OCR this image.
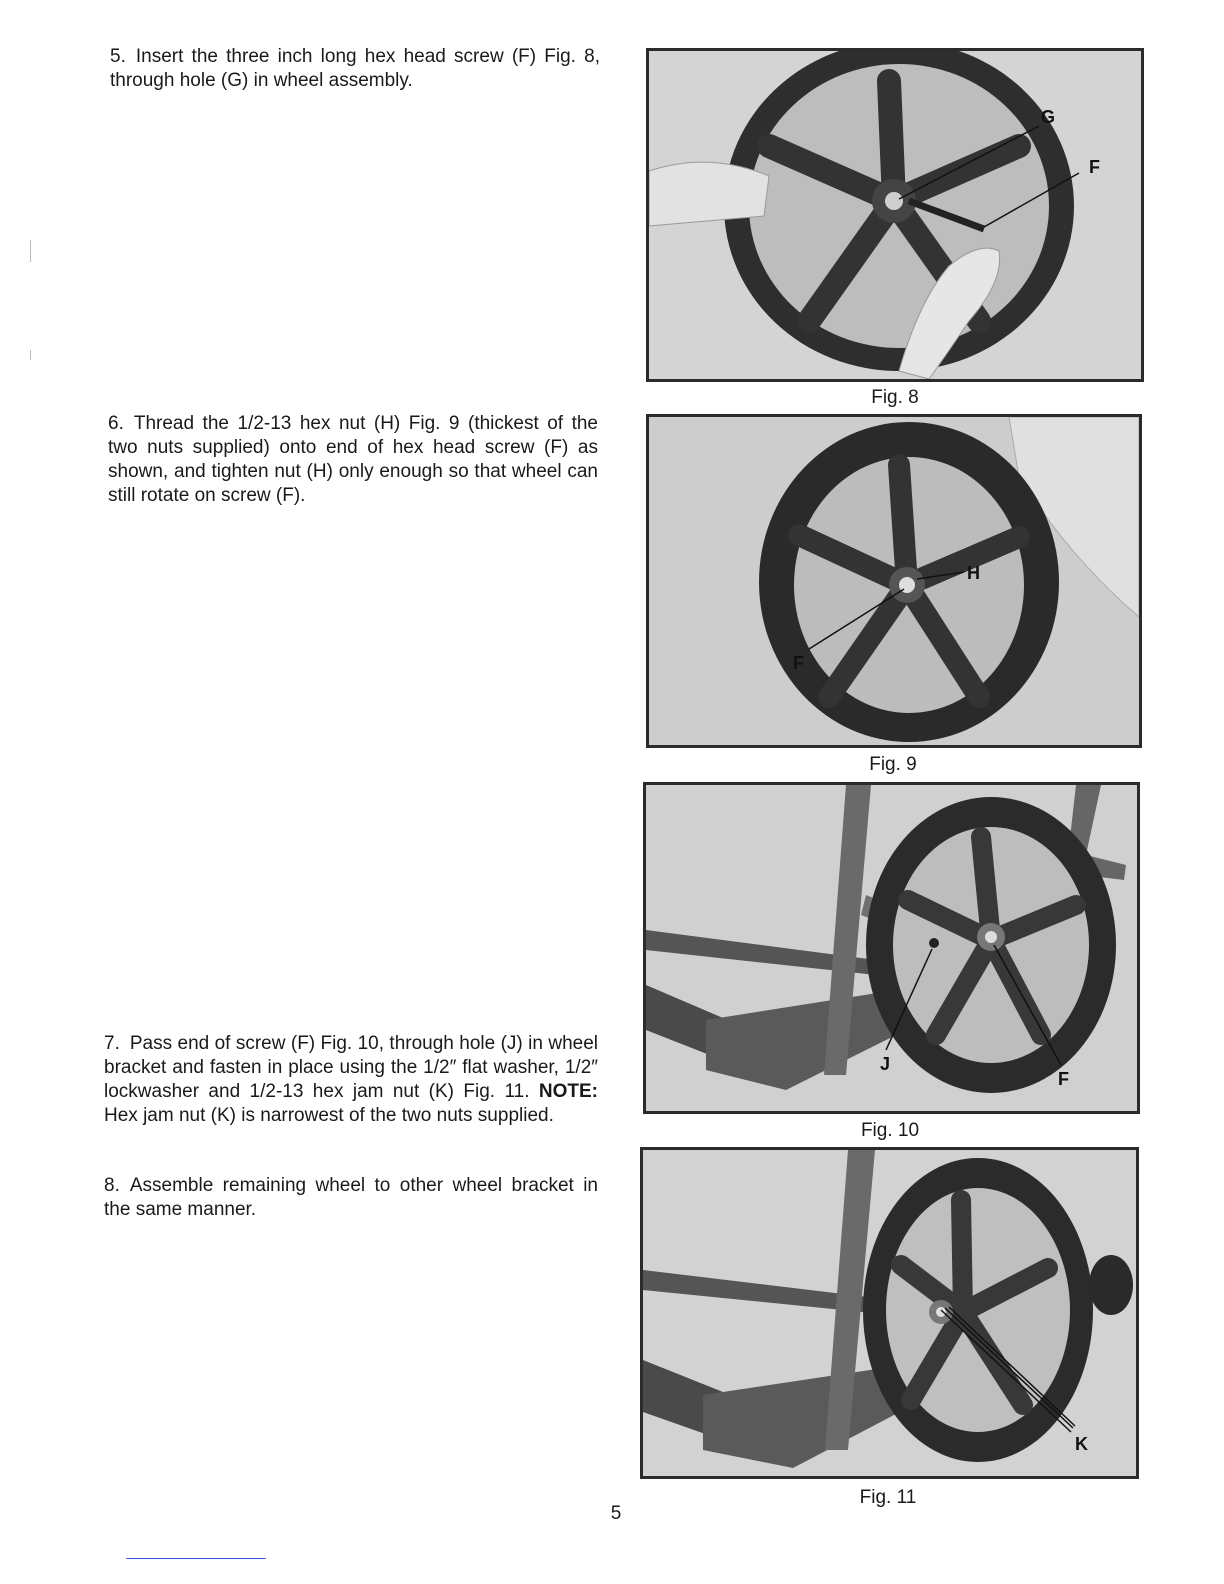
5. Insert the three inch long hex head screw (F) Fig. 8, through hole (G) in wheel assembly.

6. Thread the 1/2-13 hex nut (H) Fig. 9 (thickest of the two nuts supplied) onto end of hex head screw (F) as shown, and tighten nut (H) only enough so that wheel can still rotate on screw (F).

7. Pass end of screw (F) Fig. 10, through hole (J) in wheel bracket and fasten in place using the 1/2″ flat washer, 1/2″ lockwasher and 1/2-13 hex jam nut (K) Fig. 11. NOTE: Hex jam nut (K) is narrowest of the two nuts supplied.

8. Assemble remaining wheel to other wheel bracket in the same manner.

G
F
Fig. 8
H
F
Fig. 9
J
F
Fig. 10
K
Fig. 11
5
